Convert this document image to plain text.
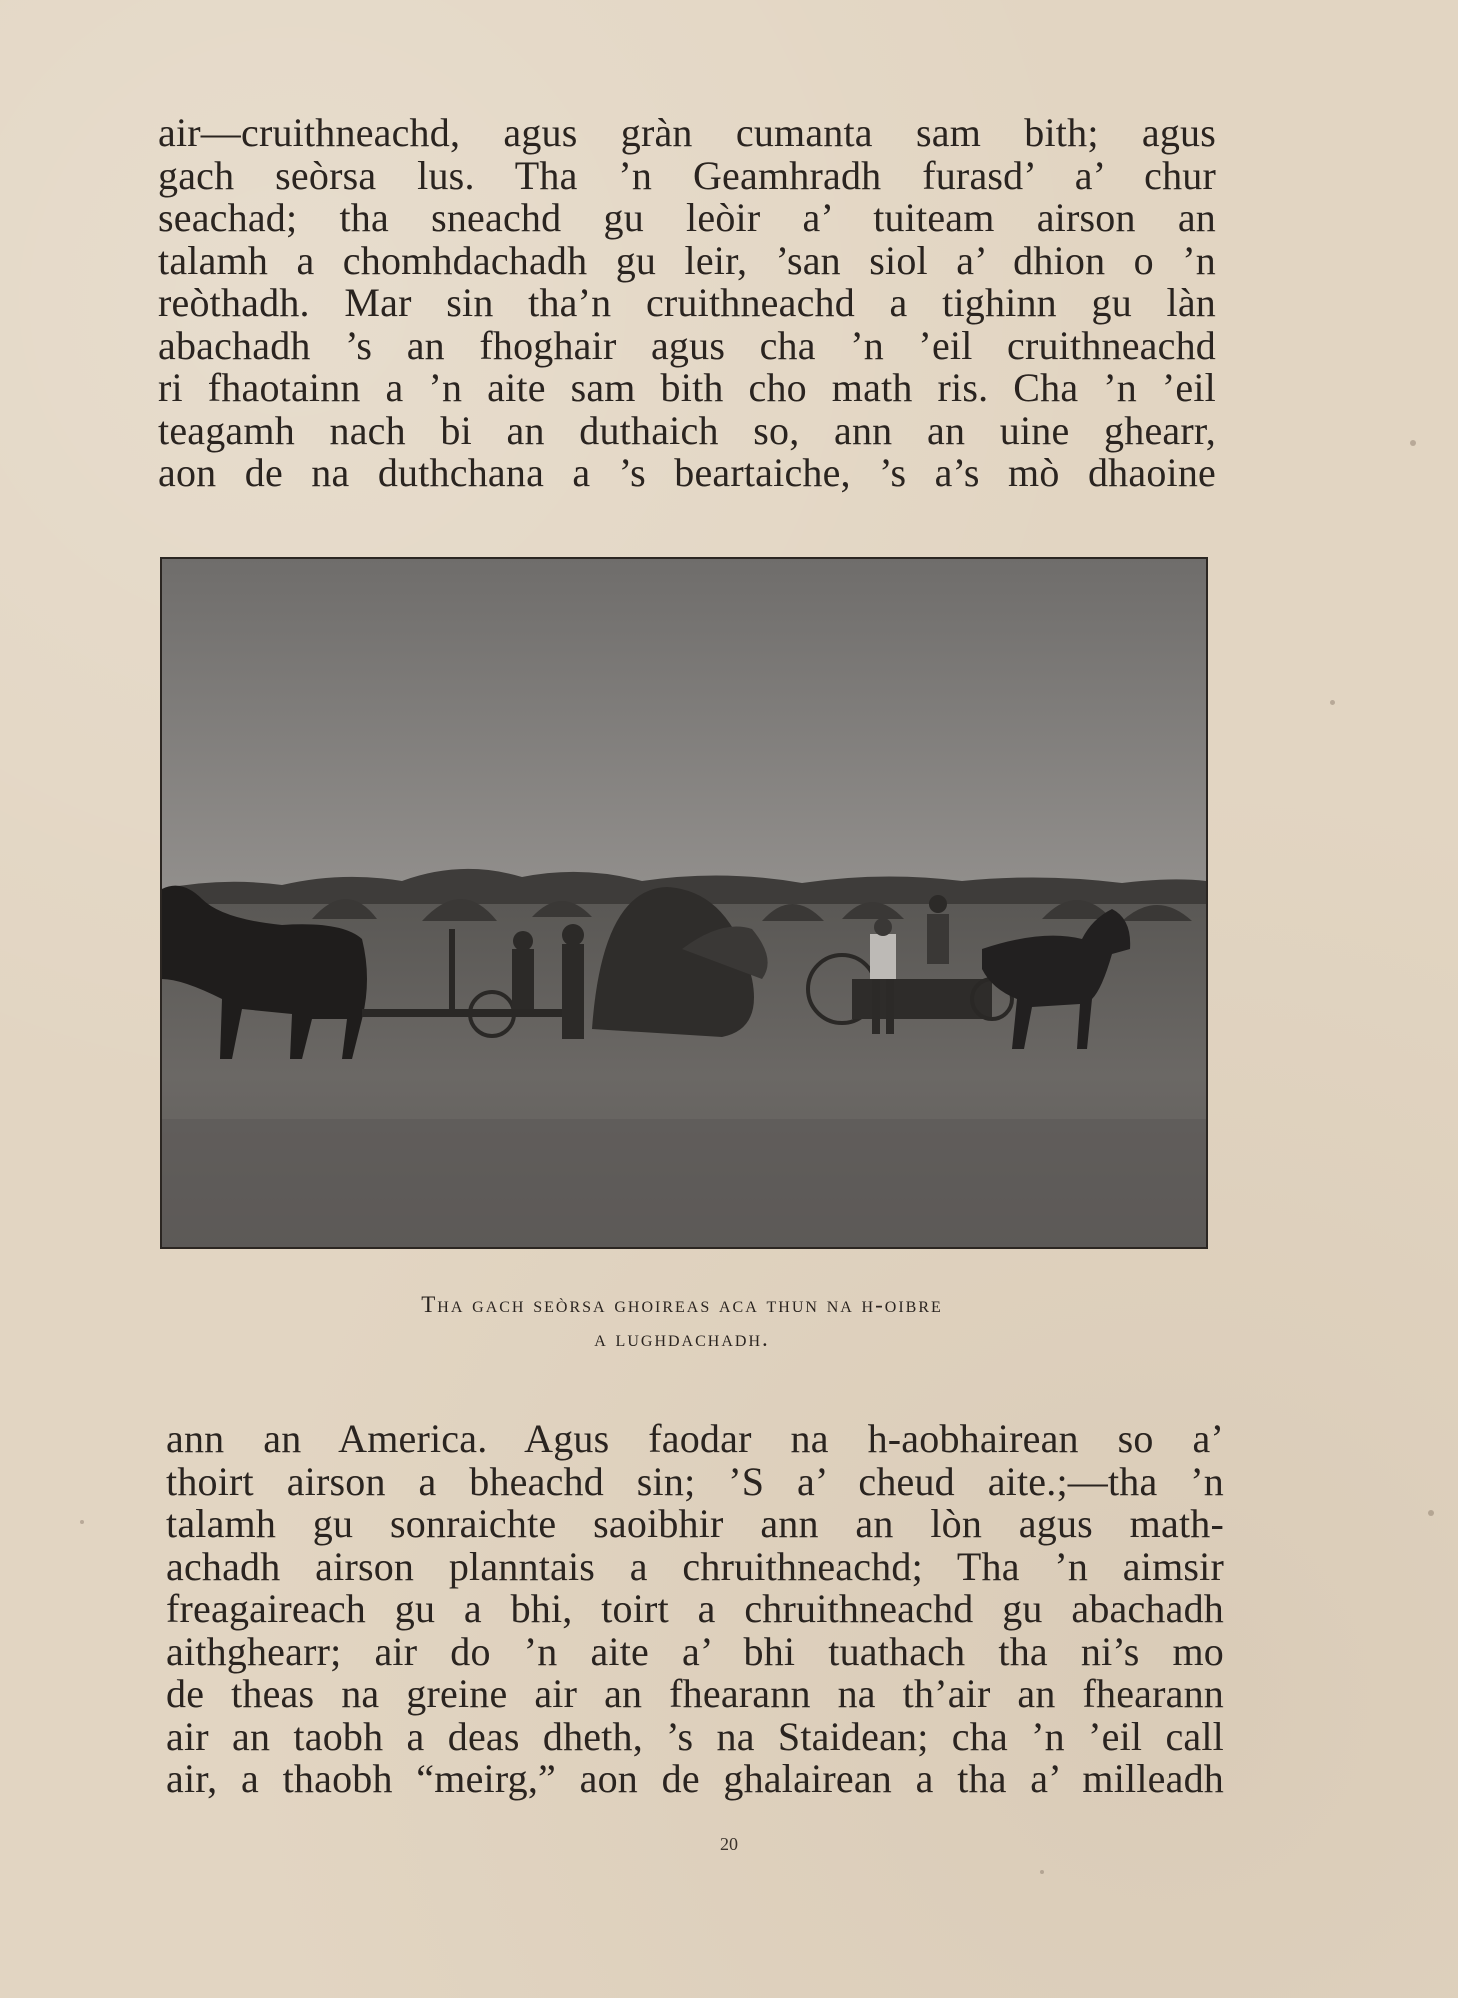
air—cruithneachd, agus gràn cumanta sam bith; agus
gach seòrsa lus. Tha ’n Geamhradh furasd’ a’ chur
seachad; tha sneachd gu leòir a’ tuiteam airson an
talamh a chomhdachadh gu leir, ’san siol a’ dhion o ’n
reòthadh. Mar sin tha’n cruithneachd a tighinn gu làn
abachadh ’s an fhoghair agus cha ’n ’eil cruithneachd
ri fhaotainn a ’n aite sam bith cho math ris. Cha ’n ’eil
teagamh nach bi an duthaich so, ann an uine ghearr,
aon de na duthchana a ’s beartaiche, ’s a’s mò dhaoine
Tha gach seòrsa ghoireas aca thun na h-oibre
a lughdachadh.
ann an America. Agus faodar na h-aobhairean so a’
thoirt airson a bheachd sin; ’S a’ cheud aite.;—tha ’n
talamh gu sonraichte saoibhir ann an lòn agus math-
achadh airson planntais a chruithneachd; Tha ’n aimsir
freagaireach gu a bhi, toirt a chruithneachd gu abachadh
aithghearr; air do ’n aite a’ bhi tuathach tha ni’s mo
de theas na greine air an fhearann na th’air an fhearann
air an taobh a deas dheth, ’s na Staidean; cha ’n ’eil call
air, a thaobh “meirg,” aon de ghalairean a tha a’ milleadh
20
